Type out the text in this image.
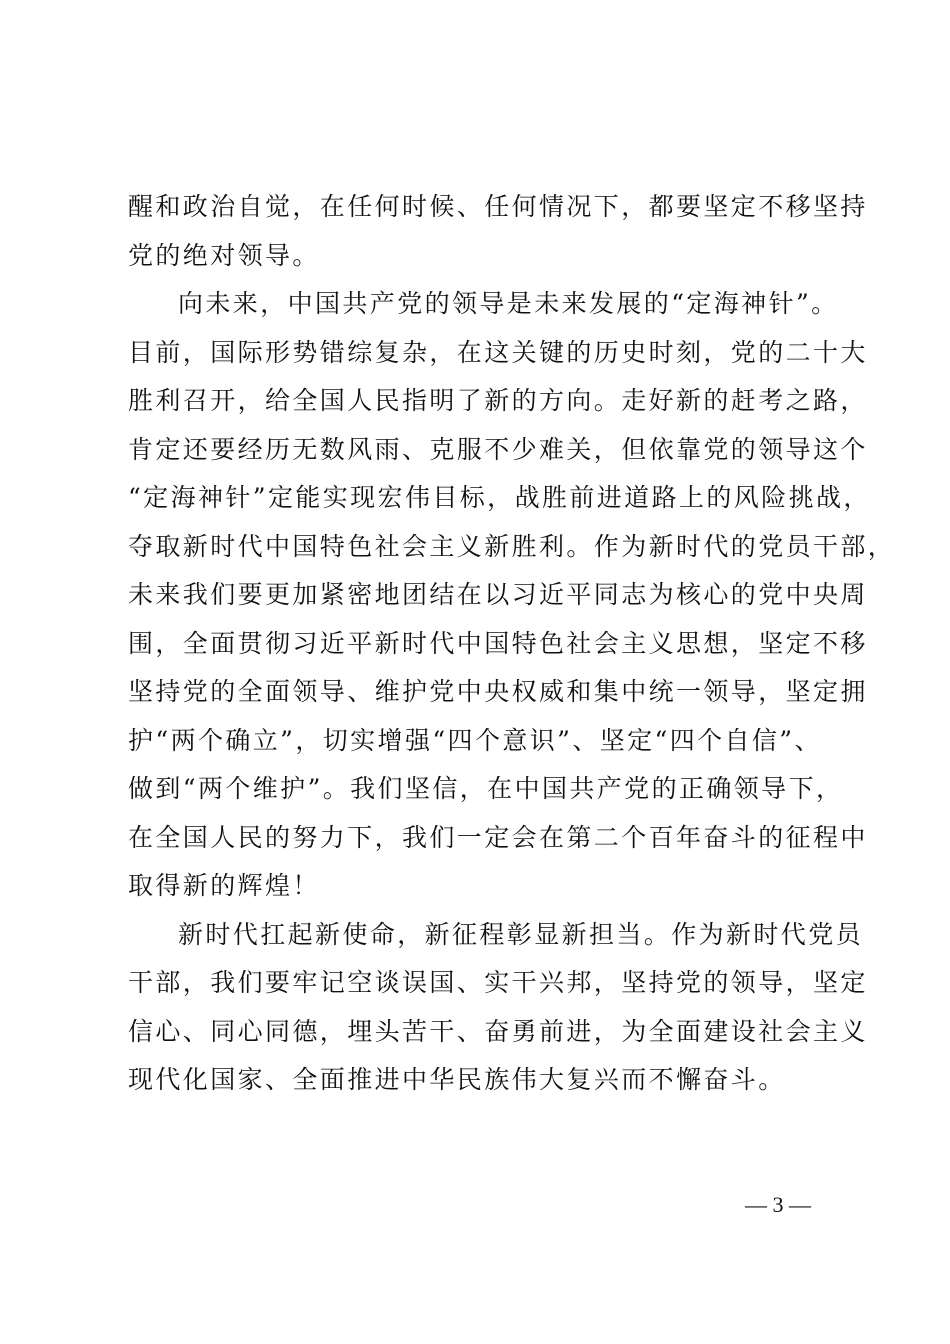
醒和政治自觉，在任何时候、任何情况下，都要坚定不移坚持
党的绝对领导。
向未来，中国共产党的领导是未来发展的“定海神针”。
目前，国际形势错综复杂，在这关键的历史时刻，党的二十大
胜利召开，给全国人民指明了新的方向。走好新的赶考之路，
肯定还要经历无数风雨、克服不少难关，但依靠党的领导这个
“定海神针”定能实现宏伟目标，战胜前进道路上的风险挑战，
夺取新时代中国特色社会主义新胜利。作为新时代的党员干部，
未来我们要更加紧密地团结在以习近平同志为核心的党中央周
围，全面贯彻习近平新时代中国特色社会主义思想，坚定不移
坚持党的全面领导、维护党中央权威和集中统一领导，坚定拥
护“两个确立”，切实增强“四个意识”、坚定“四个自信”、
做到“两个维护”。我们坚信，在中国共产党的正确领导下，
在全国人民的努力下，我们一定会在第二个百年奋斗的征程中
取得新的辉煌！
新时代扛起新使命，新征程彰显新担当。作为新时代党员
干部，我们要牢记空谈误国、实干兴邦，坚持党的领导，坚定
信心、同心同德，埋头苦干、奋勇前进，为全面建设社会主义
现代化国家、全面推进中华民族伟大复兴而不懈奋斗。
— 3 —
